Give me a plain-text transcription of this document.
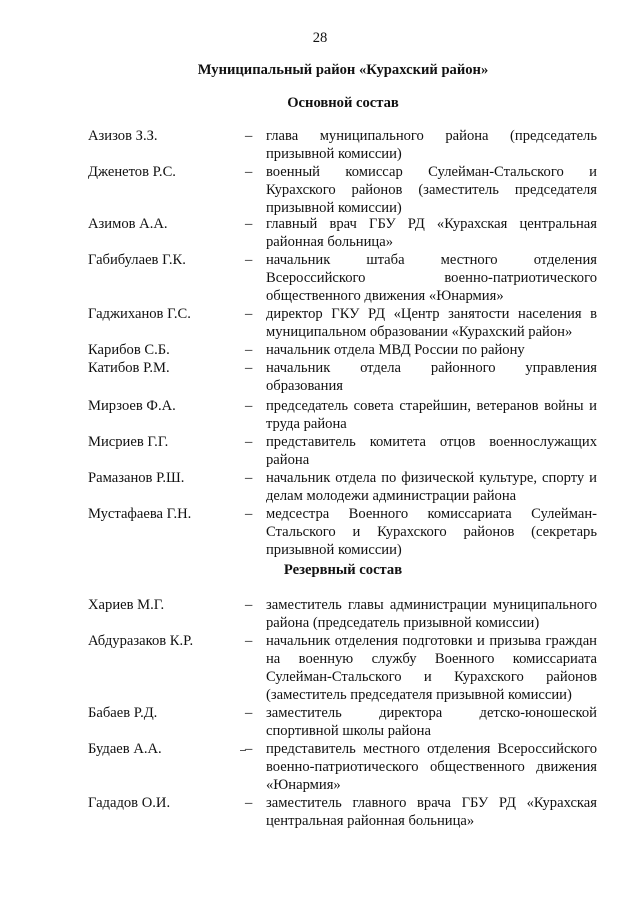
28
Муниципальный район «Курахский район»
Основной состав
Азизов З.З.	– глава муниципального района (председатель призывной комиссии)
Дженетов Р.С.	– военный комиссар Сулейман-Стальского и Курахского районов (заместитель председателя призывной комиссии)
Азимов А.А.	– главный врач ГБУ РД «Курахская центральная районная больница»
Габибулаев Г.К.	– начальник штаба местного отделения Всероссийского военно-патриотического общественного движения «Юнармия»
Гаджиханов Г.С.	– директор ГКУ РД «Центр занятости населения в муниципальном образовании «Курахский район»
Карибов С.Б.	– начальник отдела МВД России по району
Катибов Р.М.	– начальник отдела районного управления образования
Мирзоев Ф.А.	– председатель совета старейшин, ветеранов войны и труда района
Мисриев Г.Г.	– представитель комитета отцов военнослужащих района
Рамазанов Р.Ш.	– начальник отдела по физической культуре, спорту и делам молодежи администрации района
Мустафаева Г.Н.	– медсестра Военного комиссариата Сулейман-Стальского и Курахского районов (секретарь призывной комиссии)
Резервный состав
Хариев М.Г.	– заместитель главы администрации муниципального района (председатель призывной комиссии)
Абдуразаков К.Р.	– начальник отделения подготовки и призыва граждан на военную службу Военного комиссариата Сулейман-Стальского и Курахского районов (заместитель председателя призывной комиссии)
Бабаев Р.Д.	– заместитель директора детско-юношеской спортивной школы района
Будаев А.А.	– представитель местного отделения Всероссийского военно-патриотического общественного движения «Юнармия»
Гададов О.И.	– заместитель главного врача ГБУ РД «Курахская центральная районная больница»
